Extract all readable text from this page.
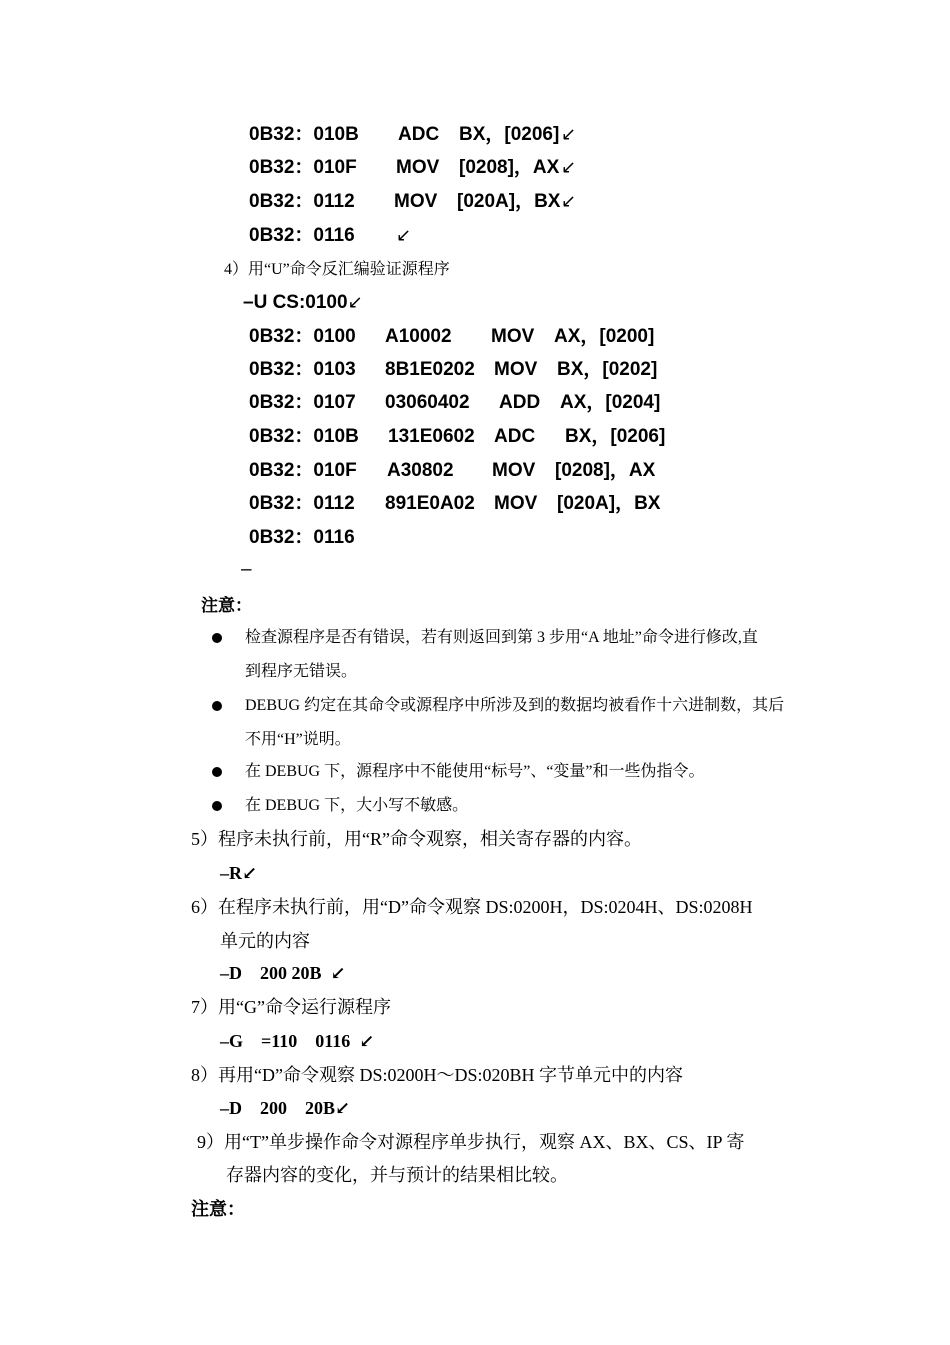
0B32：010B ADC BX，[0206] ↙
0B32：010F MOV [0208]，AX ↙
0B32：0112 MOV [020A]，BX ↙
0B32：0116 ↙
4）用“U”命令反汇编验证源程序
–U CS:0100↙
0B32：0100 A10002 MOV AX，[0200]
0B32：0103 8B1E0202 MOV BX，[0202]
0B32：0107 03060402 ADD AX，[0204]
0B32：010B 131E0602 ADC BX，[0206]
0B32：010F A30802 MOV [0208]，AX
0B32：0112 891E0A02 MOV [020A]，BX
0B32：0116
–
注意：
检查源程序是否有错误，若有则返回到第 3 步用“A 地址”命令进行修改,直
到程序无错误。
DEBUG 约定在其命令或源程序中所涉及到的数据均被看作十六进制数，其后
不用“H”说明。
在 DEBUG 下，源程序中不能使用“标号”、“变量”和一些伪指令。
在 DEBUG 下，大小写不敏感。
5）程序未执行前，用“R”命令观察，相关寄存器的内容。
–R↙
6）在程序未执行前，用“D”命令观察 DS:0200H，DS:0204H、DS:0208H
单元的内容
–D    200 20B  ↙
7）用“G”命令运行源程序
–G    =110    0116  ↙
8）再用“D”命令观察 DS:0200H～DS:020BH 字节单元中的内容
–D    200    20B↙
9）用“T”单步操作命令对源程序单步执行，观察 AX、BX、CS、IP 寄
存器内容的变化，并与预计的结果相比较。
注意：
